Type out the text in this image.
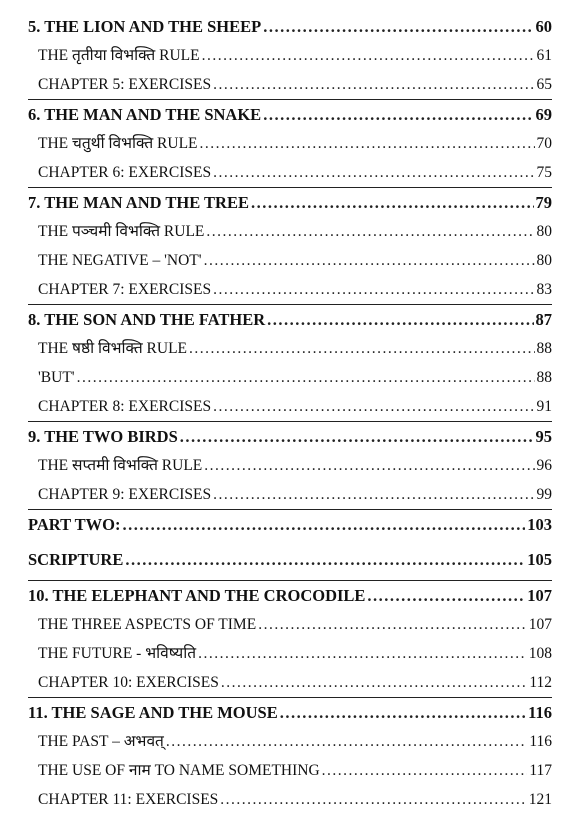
5. THE LION AND THE SHEEP .....	60
THE तृतीया विभक्ति RULE .....	61
CHAPTER 5: EXERCISES .....	65
6. THE MAN AND THE SNAKE .....	69
THE चतुर्थी विभक्ति RULE .....	70
CHAPTER 6: EXERCISES .....	75
7. THE MAN AND THE TREE .....	79
THE पञ्चमी विभक्ति RULE .....	80
THE NEGATIVE – 'NOT' .....	80
CHAPTER 7: EXERCISES .....	83
8. THE SON AND THE FATHER .....	87
THE षष्ठी विभक्ति RULE .....	88
'BUT' .....	88
CHAPTER 8: EXERCISES .....	91
9. THE TWO BIRDS .....	95
THE सप्तमी विभक्ति RULE .....	96
CHAPTER 9: EXERCISES .....	99
PART TWO: .....	103
SCRIPTURE .....	105
10. THE ELEPHANT AND THE CROCODILE .....	107
THE THREE ASPECTS OF TIME .....	107
THE FUTURE - भविष्यति .....	108
CHAPTER 10: EXERCISES .....	112
11. THE SAGE AND THE MOUSE .....	116
THE PAST – अभवत् .....	116
THE USE OF नाम TO NAME SOMETHING .....	117
CHAPTER 11: EXERCISES .....	121
